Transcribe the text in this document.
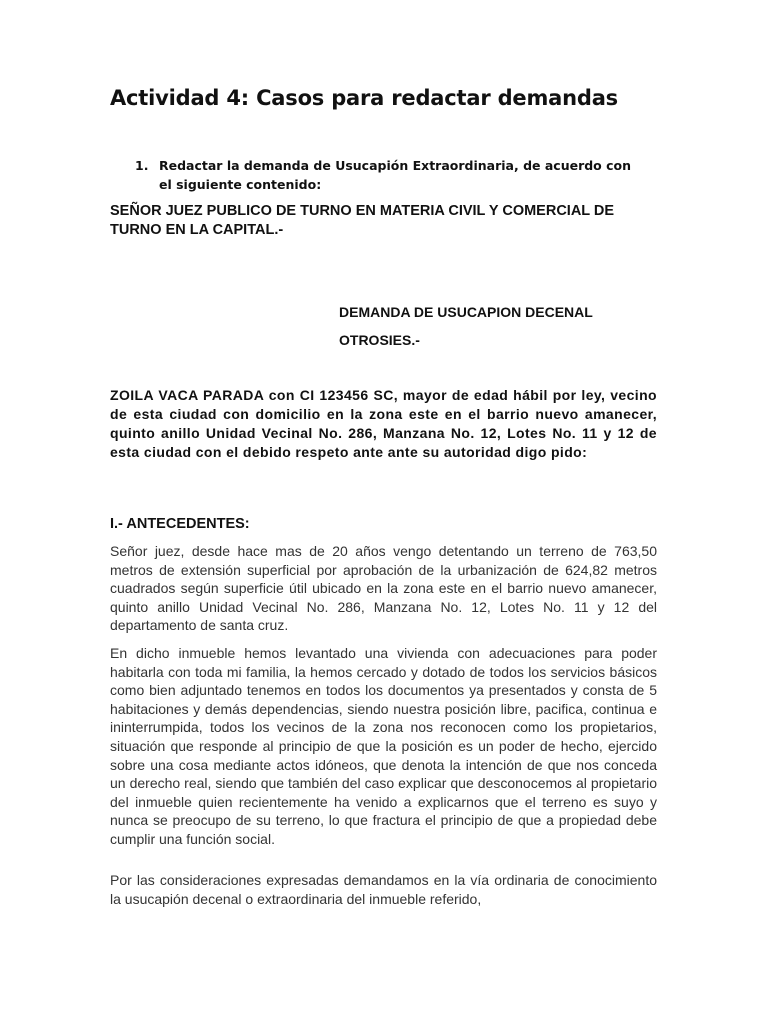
Actividad 4: Casos para redactar demandas
1. Redactar la demanda de Usucapión Extraordinaria, de acuerdo con el siguiente contenido:

SEÑOR JUEZ PUBLICO DE TURNO EN MATERIA CIVIL Y COMERCIAL DE TURNO EN LA CAPITAL.-

DEMANDA DE USUCAPION DECENAL

OTROSIES.-

ZOILA VACA PARADA con CI 123456 SC, mayor de edad hábil por ley, vecino de esta ciudad con domicilio en la zona este en el barrio nuevo amanecer, quinto anillo Unidad Vecinal No. 286, Manzana No. 12, Lotes No. 11 y 12 de esta ciudad con el debido respeto ante ante su autoridad digo pido:

I.- ANTECEDENTES:

Señor juez, desde hace mas de 20 años vengo detentando un terreno de 763,50 metros de extensión superficial por aprobación de la urbanización de 624,82 metros cuadrados según superficie útil ubicado en la zona este en el barrio nuevo amanecer, quinto anillo Unidad Vecinal No. 286, Manzana No. 12, Lotes No. 11 y 12 del departamento de santa cruz.

En dicho inmueble hemos levantado una vivienda con adecuaciones para poder habitarla con toda mi familia, la hemos cercado y dotado de todos los servicios básicos como bien adjuntado tenemos en todos los documentos ya presentados y consta de 5 habitaciones y demás dependencias, siendo nuestra posición libre, pacifica, continua e ininterrumpida, todos los vecinos de la zona nos reconocen como los propietarios, situación que responde al principio de que la posición es un poder de hecho, ejercido sobre una cosa mediante actos idóneos, que denota la intención de que nos conceda un derecho real, siendo que también del caso explicar que desconocemos al propietario del inmueble quien recientemente ha venido a explicarnos que el terreno es suyo y nunca se preocupo de su terreno, lo que fractura el principio de que a propiedad debe cumplir una función social.

Por las consideraciones expresadas demandamos en la vía ordinaria de conocimiento la usucapión decenal o extraordinaria del inmueble referido,
